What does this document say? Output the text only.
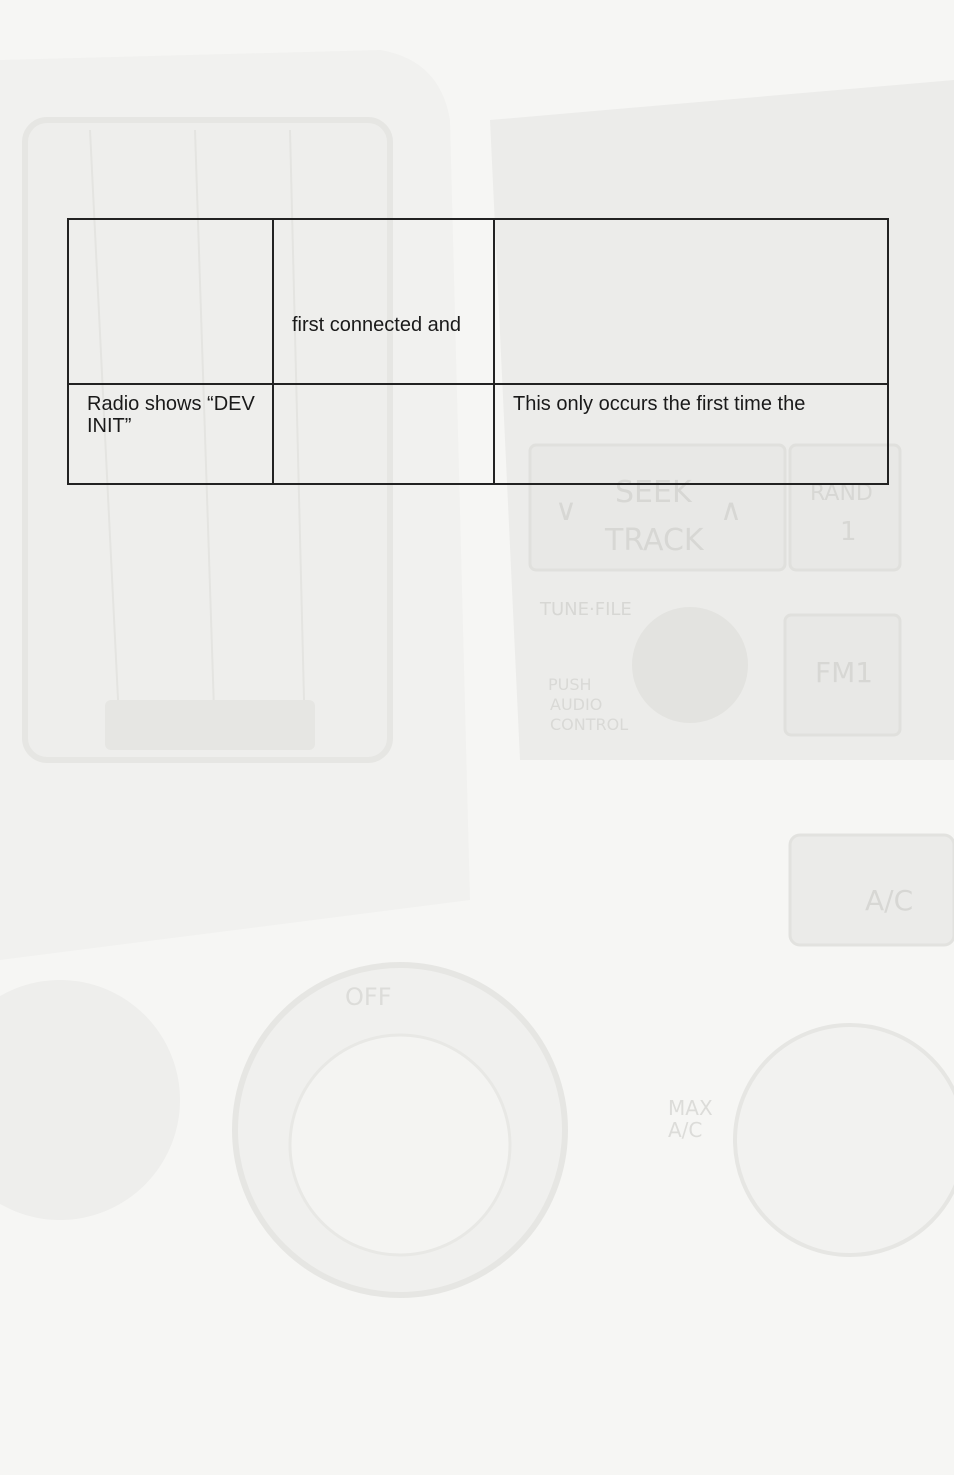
SEEK
TRACK
∨	∧	RAND
1
TUNE·FILE
PUSH
AUDIO
CONTROL
FM1
A/C
OFF
MAX
A/C

	first connected and	

Radio shows “DEV INIT”		This only occurs the first time the
